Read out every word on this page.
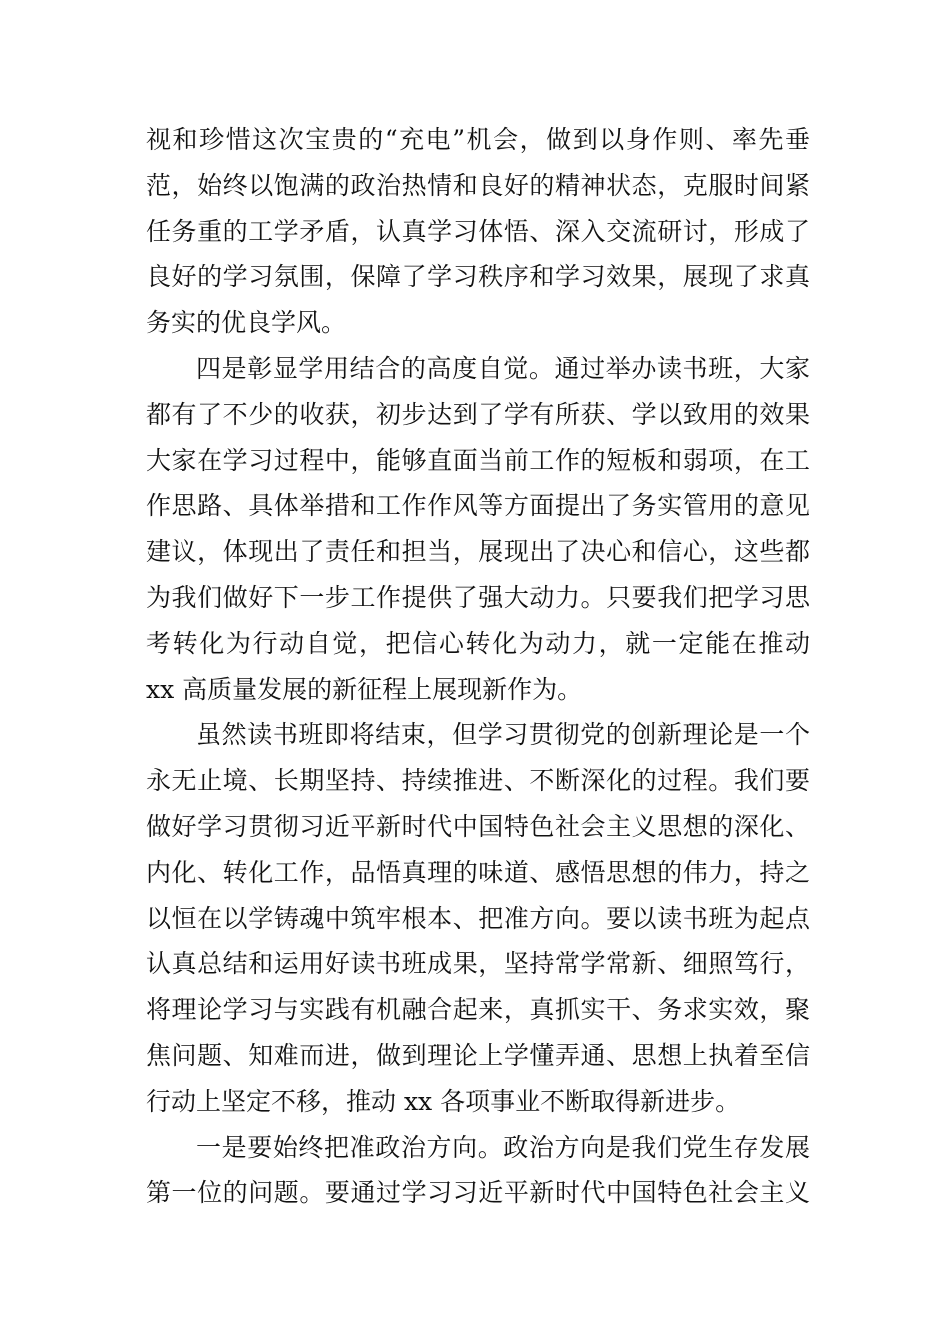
视和珍惜这次宝贵的“充电”机会，做到以身作则、率先垂
范，始终以饱满的政治热情和良好的精神状态，克服时间紧
任务重的工学矛盾，认真学习体悟、深入交流研讨，形成了
良好的学习氛围，保障了学习秩序和学习效果，展现了求真
务实的优良学风。
四是彰显学用结合的高度自觉。通过举办读书班，大家
都有了不少的收获，初步达到了学有所获、学以致用的效果
大家在学习过程中，能够直面当前工作的短板和弱项，在工
作思路、具体举措和工作作风等方面提出了务实管用的意见
建议，体现出了责任和担当，展现出了决心和信心，这些都
为我们做好下一步工作提供了强大动力。只要我们把学习思
考转化为行动自觉，把信心转化为动力，就一定能在推动
xx 高质量发展的新征程上展现新作为。
虽然读书班即将结束，但学习贯彻党的创新理论是一个
永无止境、长期坚持、持续推进、不断深化的过程。我们要
做好学习贯彻习近平新时代中国特色社会主义思想的深化、
内化、转化工作，品悟真理的味道、感悟思想的伟力，持之
以恒在以学铸魂中筑牢根本、把准方向。要以读书班为起点
认真总结和运用好读书班成果，坚持常学常新、细照笃行，
将理论学习与实践有机融合起来，真抓实干、务求实效，聚
焦问题、知难而进，做到理论上学懂弄通、思想上执着至信
行动上坚定不移，推动 xx 各项事业不断取得新进步。
一是要始终把准政治方向。政治方向是我们党生存发展
第一位的问题。要通过学习习近平新时代中国特色社会主义
